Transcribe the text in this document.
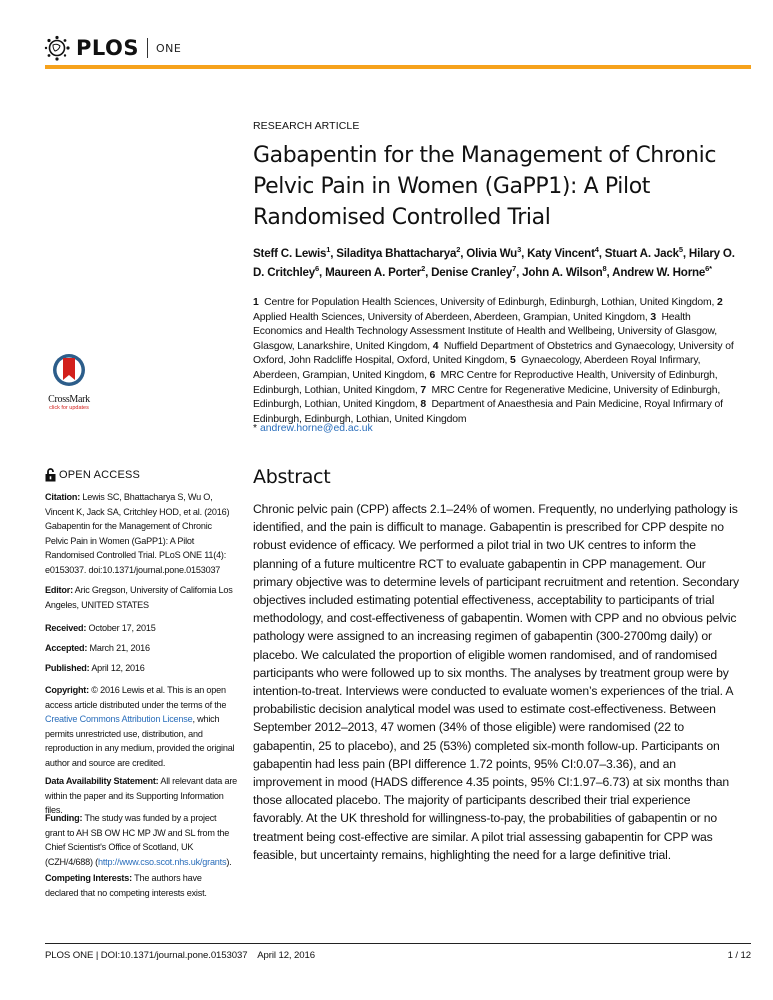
PLOS ONE
RESEARCH ARTICLE
Gabapentin for the Management of Chronic Pelvic Pain in Women (GaPP1): A Pilot Randomised Controlled Trial
Steff C. Lewis$^1$, Siladitya Bhattacharya$^2$, Olivia Wu$^3$, Katy Vincent$^4$, Stuart A. Jack$^5$, Hilary O. D. Critchley$^6$, Maureen A. Porter$^2$, Denise Cranley$^7$, John A. Wilson$^8$, Andrew W. Horne$^{6*}$
1  Centre for Population Health Sciences, University of Edinburgh, Edinburgh, Lothian, United Kingdom, 2  Applied Health Sciences, University of Aberdeen, Aberdeen, Grampian, United Kingdom, 3  Health Economics and Health Technology Assessment Institute of Health and Wellbeing, University of Glasgow, Glasgow, Lanarkshire, United Kingdom, 4  Nuffield Department of Obstetrics and Gynaecology, University of Oxford, John Radcliffe Hospital, Oxford, United Kingdom, 5  Gynaecology, Aberdeen Royal Infirmary, Aberdeen, Grampian, United Kingdom, 6  MRC Centre for Reproductive Health, University of Edinburgh, Edinburgh, Lothian, United Kingdom, 7  MRC Centre for Regenerative Medicine, University of Edinburgh, Edinburgh, Lothian, United Kingdom, 8  Department of Anaesthesia and Pain Medicine, Royal Infirmary of Edinburgh, Edinburgh, Lothian, United Kingdom
* andrew.horne@ed.ac.uk
CrossMark
click for updates
OPEN ACCESS
Citation: Lewis SC, Bhattacharya S, Wu O, Vincent K, Jack SA, Critchley HOD, et al. (2016) Gabapentin for the Management of Chronic Pelvic Pain in Women (GaPP1): A Pilot Randomised Controlled Trial. PLoS ONE 11(4): e0153037. doi:10.1371/journal.pone.0153037
Editor: Aric Gregson, University of California Los Angeles, UNITED STATES
Received: October 17, 2015
Accepted: March 21, 2016
Published: April 12, 2016
Copyright: © 2016 Lewis et al. This is an open access article distributed under the terms of the Creative Commons Attribution License, which permits unrestricted use, distribution, and reproduction in any medium, provided the original author and source are credited.
Data Availability Statement: All relevant data are within the paper and its Supporting Information files.
Funding: The study was funded by a project grant to AH SB OW HC MP JW and SL from the Chief Scientist's Office of Scotland, UK (CZH/4/688) (http://www.cso.scot.nhs.uk/grants).
Competing Interests: The authors have declared that no competing interests exist.
Abstract
Chronic pelvic pain (CPP) affects 2.1–24% of women. Frequently, no underlying pathology is identified, and the pain is difficult to manage. Gabapentin is prescribed for CPP despite no robust evidence of efficacy. We performed a pilot trial in two UK centres to inform the planning of a future multicentre RCT to evaluate gabapentin in CPP management. Our primary objective was to determine levels of participant recruitment and retention. Secondary objectives included estimating potential effectiveness, acceptability to participants of trial methodology, and cost-effectiveness of gabapentin. Women with CPP and no obvious pelvic pathology were assigned to an increasing regimen of gabapentin (300-2700mg daily) or placebo. We calculated the proportion of eligible women randomised, and of randomised participants who were followed up to six months. The analyses by treatment group were by intention-to-treat. Interviews were conducted to evaluate women’s experiences of the trial. A probabilistic decision analytical model was used to estimate cost-effectiveness. Between September 2012–2013, 47 women (34% of those eligible) were randomised (22 to gabapentin, 25 to placebo), and 25 (53%) completed six-month follow-up. Participants on gabapentin had less pain (BPI difference 1.72 points, 95% CI:0.07–3.36), and an improvement in mood (HADS difference 4.35 points, 95% CI:1.97–6.73) at six months than those allocated placebo. The majority of participants described their trial experience favorably. At the UK threshold for willingness-to-pay, the probabilities of gabapentin or no treatment being cost-effective are similar. A pilot trial assessing gabapentin for CPP was feasible, but uncertainty remains, highlighting the need for a large definitive trial.
PLOS ONE | DOI:10.1371/journal.pone.0153037    April 12, 2016	1 / 12
